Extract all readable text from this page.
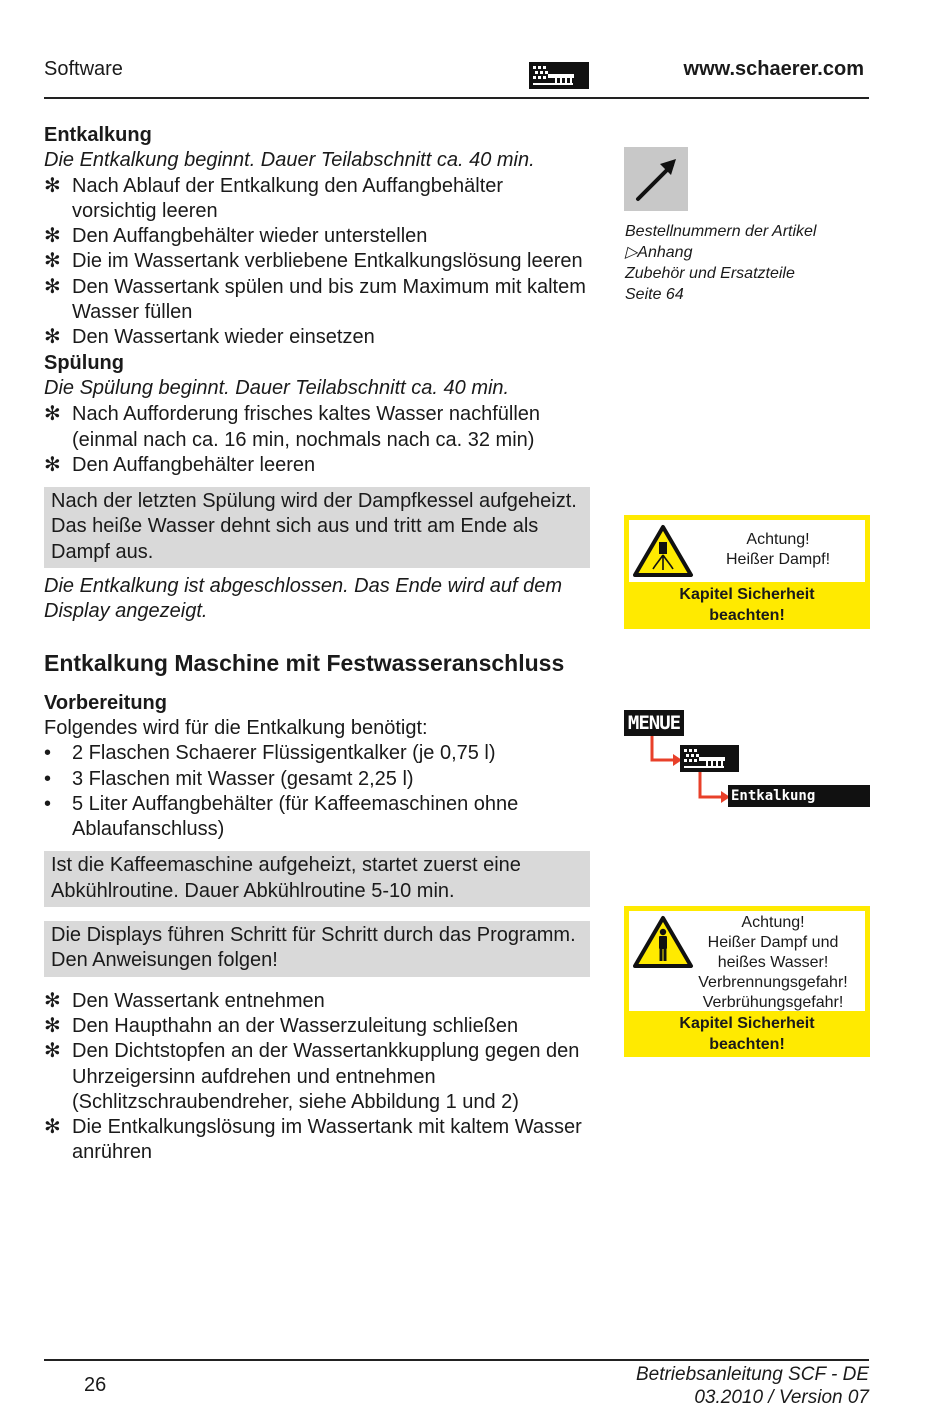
Software	www.schaerer.com
Entkalkung
Die Entkalkung beginnt. Dauer Teilabschnitt ca. 40 min.
✻ Nach Ablauf der Entkalkung den Auffangbehälter vorsichtig leeren
✻ Den Auffangbehälter wieder unterstellen
✻ Die im Wassertank verbliebene Entkalkungslösung leeren
✻ Den Wassertank spülen und bis zum Maximum mit kaltem Wasser füllen
✻ Den Wassertank wieder einsetzen
Spülung
Die Spülung beginnt. Dauer Teilabschnitt ca. 40 min.
✻ Nach Aufforderung frisches kaltes Wasser nachfüllen (einmal nach ca. 16 min, nochmals nach ca. 32 min)
✻ Den Auffangbehälter leeren
Nach der letzten Spülung wird der Dampfkessel aufgeheizt. Das heiße Wasser dehnt sich aus und tritt am Ende als Dampf aus.
Die Entkalkung ist abgeschlossen. Das Ende wird auf dem Display angezeigt.
Entkalkung Maschine mit Festwasseranschluss
Vorbereitung
Folgendes wird für die Entkalkung benötigt:
•	2 Flaschen Schaerer Flüssigentkalker (je 0,75 l)
•	3 Flaschen mit Wasser (gesamt 2,25 l)
•	5 Liter Auffangbehälter (für Kaffeemaschinen ohne Ablaufanschluss)
Ist die Kaffeemaschine aufgeheizt, startet zuerst eine Abkühlroutine. Dauer Abkühlroutine 5-10 min.
Die Displays führen Schritt für Schritt durch das Programm. Den Anweisungen folgen!
✻ Den Wassertank entnehmen
✻ Den Haupthahn an der Wasserzuleitung schließen
✻ Den Dichtstopfen an der Wassertankkupplung gegen den Uhrzeigersinn aufdrehen und entnehmen (Schlitzschraubendreher, siehe Abbildung 1 und 2)
✻ Die Entkalkungslösung im Wassertank mit kaltem Wasser anrühren
Bestellnummern der Artikel
▷Anhang
Zubehör und Ersatzteile
Seite 64
Achtung!
Heißer Dampf!
Kapitel Sicherheit
beachten!
MENUE
Entkalkung
Achtung!
Heißer Dampf und
heißes Wasser!
Verbrennungsgefahr!
Verbrühungsgefahr!
Kapitel Sicherheit
beachten!
26	Betriebsanleitung SCF - DE
03.2010 / Version 07
